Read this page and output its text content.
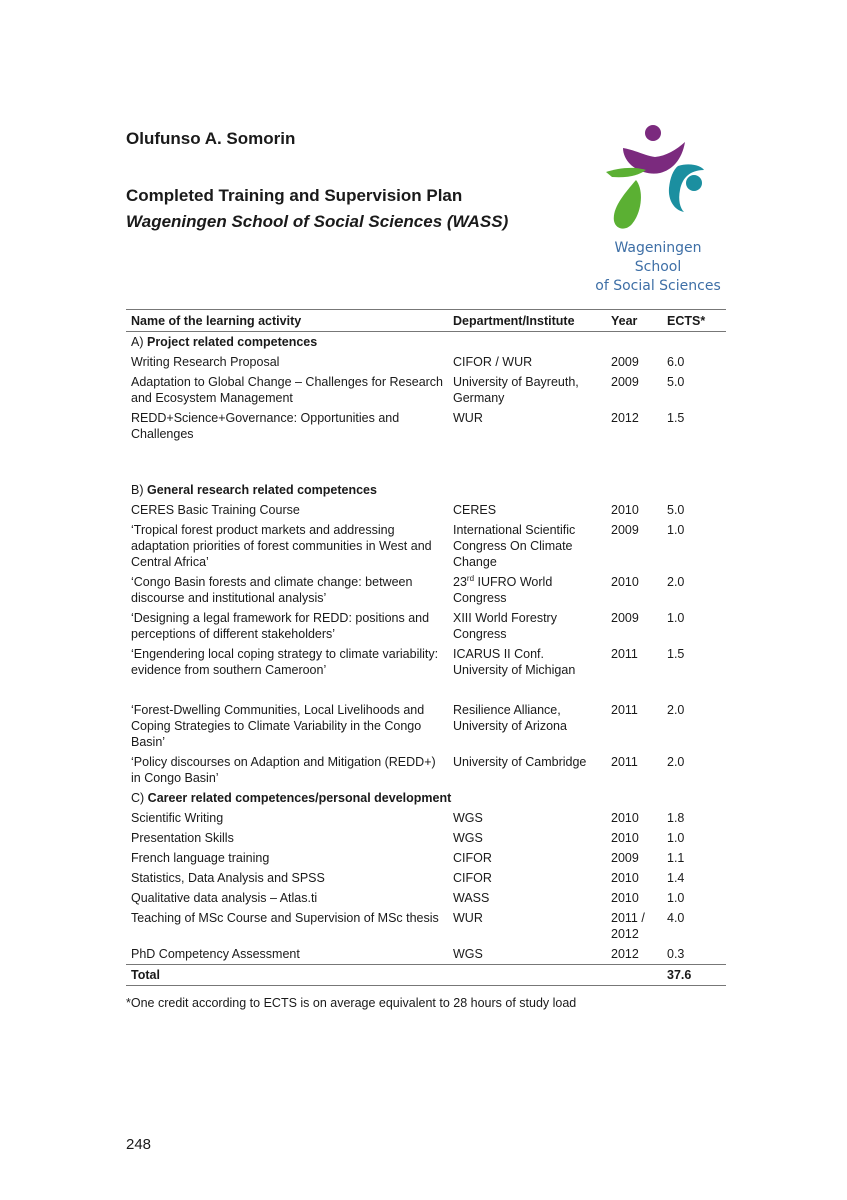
Olufunso A. Somorin
Completed Training and Supervision Plan
Wageningen School of Social Sciences (WASS)
Wageningen School
of Social Sciences
Name of the learning activity	Department/Institute	Year	ECTS*
A) Project related competences			
Writing Research Proposal	CIFOR / WUR	2009	6.0
Adaptation to Global Change – Challenges for Research and Ecosystem Management	University of Bayreuth, Germany	2009	5.0
REDD+Science+Governance: Opportunities and Challenges	WUR	2012	1.5

B) General research related competences			
CERES Basic Training Course	CERES	2010	5.0
‘Tropical forest product markets and addressing adaptation priorities of forest communities in West and Central Africa’	International Scientific Congress On Climate Change	2009	1.0
‘Congo Basin forests and climate change: between discourse and institutional analysis’	23rd IUFRO World Congress	2010	2.0
‘Designing a legal framework for REDD: positions and perceptions of different stakeholders’	XIII World Forestry Congress	2009	1.0
‘Engendering local coping strategy to climate variability: evidence from southern Cameroon’	ICARUS II Conf. University of Michigan	2011	1.5

‘Forest-Dwelling Communities, Local Livelihoods and Coping Strategies to Climate Variability in the Congo Basin’	Resilience Alliance, University of Arizona	2011	2.0
‘Policy discourses on Adaption and Mitigation (REDD+) in Congo Basin’	University of Cambridge	2011	2.0
C) Career related competences/personal development			
Scientific Writing	WGS	2010	1.8
Presentation Skills	WGS	2010	1.0
French language training	CIFOR	2009	1.1
Statistics, Data Analysis and SPSS	CIFOR	2010	1.4
Qualitative data analysis – Atlas.ti	WASS	2010	1.0
Teaching of MSc Course and Supervision of MSc thesis	WUR	2011 / 2012	4.0
PhD Competency Assessment	WGS	2012	0.3
Total			37.6
*One credit according to ECTS is on average equivalent to 28 hours of study load
248
